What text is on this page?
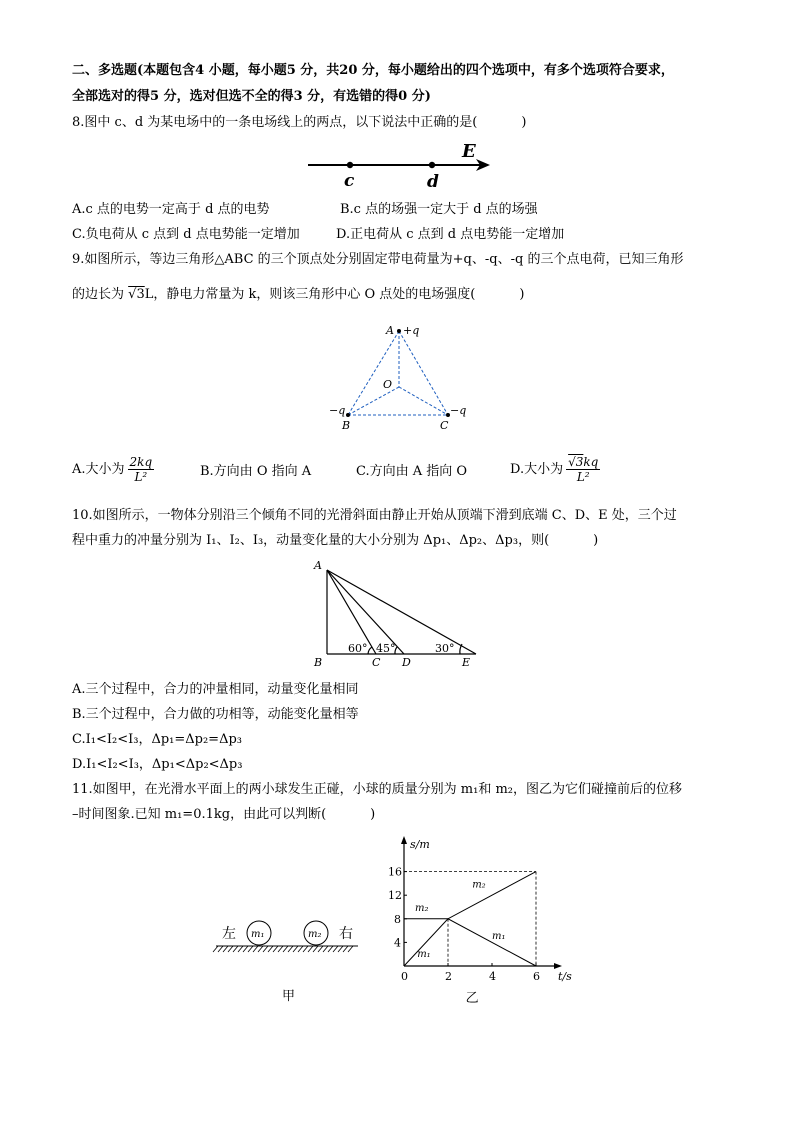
二、多选题(本题包含4 小题，每小题5 分，共20 分，每小题给出的四个选项中，有多个选项符合要求，
全部选对的得5 分，选对但选不全的得3 分，有选错的得0 分)
8.图中 c、d 为某电场中的一条电场线上的两点，以下说法中正确的是(	)
c	d
E
A.c 点的电势一定高于 d 点的电势	B.c 点的场强一定大于 d 点的场强
C.负电荷从 c 点到 d 点电势能一定增加	D.正电荷从 c 点到 d 点电势能一定增加
9.如图所示，等边三角形△ABC 的三个顶点处分别固定带电荷量为+q、-q、-q 的三个点电荷，已知三角形
的边长为 √3L，静电力常量为 k，则该三角形中心 O 点处的电场强度(	)
A +q
O
−q
B
−q
C
A.大小为 $\frac{2kq}{\text{L²}}$	B.方向由 O 指向 A	C.方向由 A 指向 O	D.大小为 $\frac{√3kq}{\text{L²}}$
10.如图所示，一物体分别沿三个倾角不同的光滑斜面由静止开始从顶端下滑到底端 C、D、E 处，三个过
程中重力的冲量分别为 I₁、I₂、I₃，动量变化量的大小分别为 Δp₁、Δp₂、Δp₃，则(	)
A
B	C D	E
60° 45°	30°
A.三个过程中，合力的冲量相同，动量变化量相同
B.三个过程中，合力做的功相等，动能变化量相等
C.I₁<I₂<I₃，Δp₁=Δp₂=Δp₃
D.I₁<I₂<I₃，Δp₁<Δp₂<Δp₃
11.如图甲，在光滑水平面上的两小球发生正碰，小球的质量分别为 m₁和 m₂，图乙为它们碰撞前后的位移
–时间图象.已知 m₁=0.1kg，由此可以判断(	)
左	右
m₁	m₂
甲
s/m
t/s
0	2	4	6
4
8
12
16
m₁
m₁
m₂
m₂
乙
